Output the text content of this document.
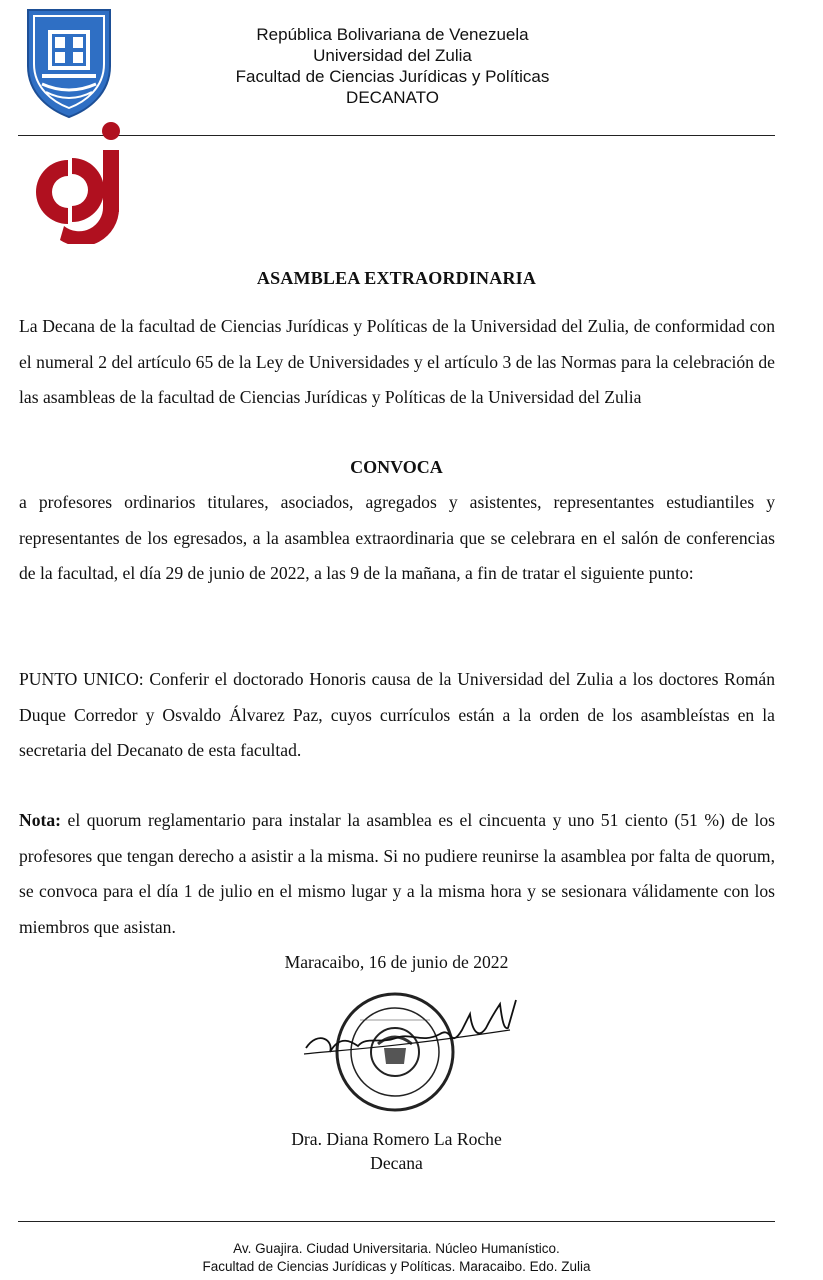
República Bolivariana de Venezuela
Universidad del Zulia
Facultad de Ciencias Jurídicas y Políticas
DECANATO
ASAMBLEA EXTRAORDINARIA
La Decana de la facultad de Ciencias Jurídicas y Políticas de la Universidad del Zulia, de conformidad con el numeral 2 del artículo 65 de la Ley de Universidades y el artículo 3 de las Normas para la celebración de las asambleas de la facultad de Ciencias Jurídicas y Políticas de la Universidad del Zulia
CONVOCA
a profesores ordinarios titulares, asociados, agregados y asistentes, representantes estudiantiles y representantes de los egresados, a la asamblea extraordinaria que se celebrara en el salón de conferencias de la facultad, el día 29 de junio de 2022, a las 9 de la mañana, a fin de tratar el siguiente punto:
PUNTO UNICO: Conferir el doctorado Honoris causa de la Universidad del Zulia a los doctores Román Duque Corredor y Osvaldo Álvarez Paz, cuyos currículos están a la orden de los asambleístas en la secretaria del Decanato de esta facultad.
Nota: el quorum reglamentario para instalar la asamblea es el cincuenta y uno 51 ciento (51 %) de los profesores que tengan derecho a asistir a la misma. Si no pudiere reunirse la asamblea por falta de quorum, se convoca para el día 1 de julio en el mismo lugar y a la misma hora y se sesionara válidamente con los miembros que asistan.
Maracaibo, 16 de junio de 2022
Dra. Diana Romero La Roche
Decana
Av. Guajira. Ciudad Universitaria. Núcleo Humanístico.
Facultad de Ciencias Jurídicas y Políticas. Maracaibo. Edo. Zulia
